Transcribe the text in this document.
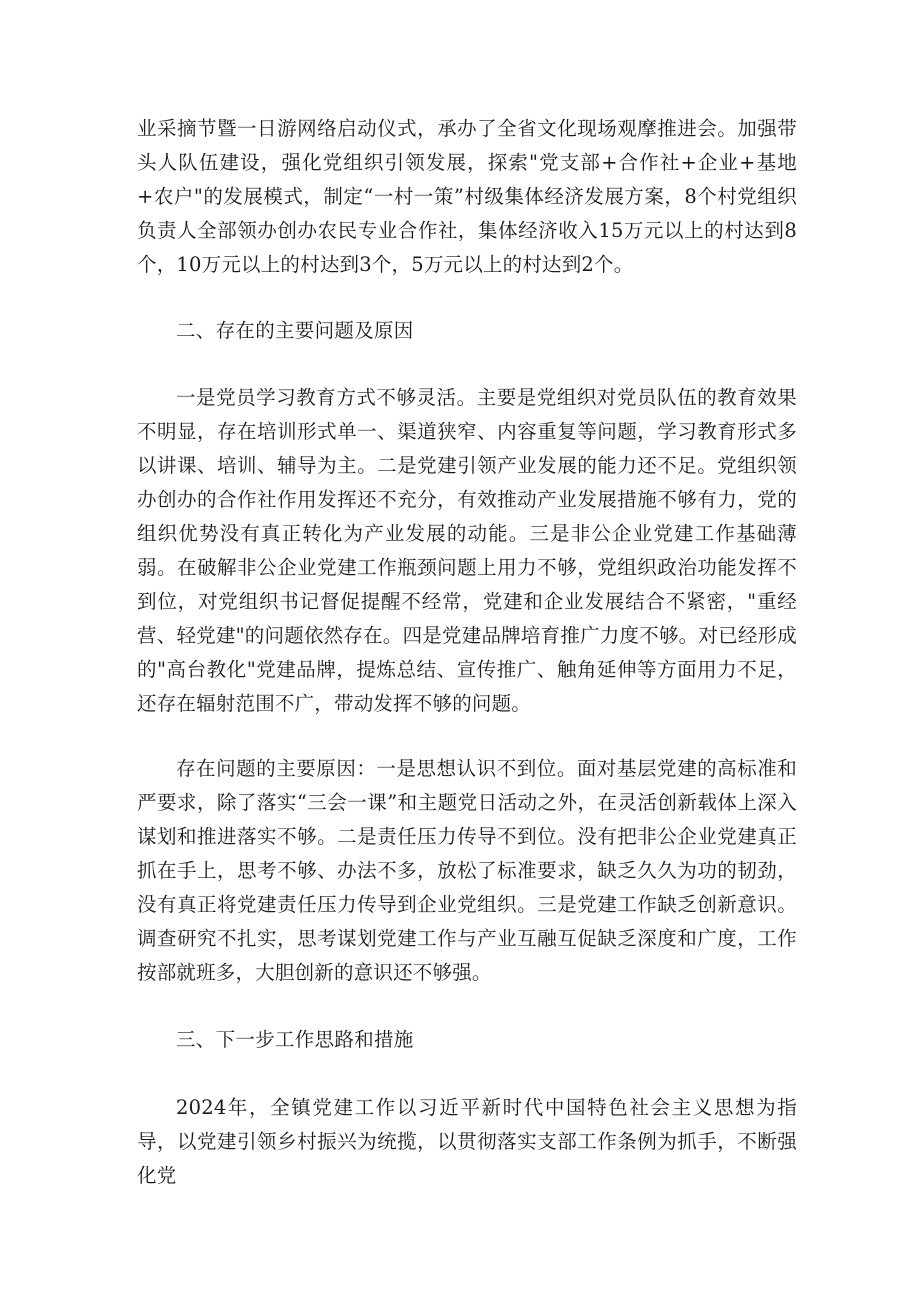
业采摘节暨一日游网络启动仪式，承办了全省文化现场观摩推进会。加强带头人队伍建设，强化党组织引领发展，探索"党支部+合作社+企业+基地+农户"的发展模式，制定“一村一策”村级集体经济发展方案，8个村党组织负责人全部领办创办农民专业合作社，集体经济收入15万元以上的村达到8个，10万元以上的村达到3个，5万元以上的村达到2个。

二、存在的主要问题及原因

一是党员学习教育方式不够灵活。主要是党组织对党员队伍的教育效果不明显，存在培训形式单一、渠道狭窄、内容重复等问题，学习教育形式多以讲课、培训、辅导为主。二是党建引领产业发展的能力还不足。党组织领办创办的合作社作用发挥还不充分，有效推动产业发展措施不够有力，党的组织优势没有真正转化为产业发展的动能。三是非公企业党建工作基础薄弱。在破解非公企业党建工作瓶颈问题上用力不够，党组织政治功能发挥不到位，对党组织书记督促提醒不经常，党建和企业发展结合不紧密，"重经营、轻党建"的问题依然存在。四是党建品牌培育推广力度不够。对已经形成的"高台教化"党建品牌，提炼总结、宣传推广、触角延伸等方面用力不足，还存在辐射范围不广，带动发挥不够的问题。

存在问题的主要原因：一是思想认识不到位。面对基层党建的高标准和严要求，除了落实“三会一课”和主题党日活动之外，在灵活创新载体上深入谋划和推进落实不够。二是责任压力传导不到位。没有把非公企业党建真正抓在手上，思考不够、办法不多，放松了标准要求，缺乏久久为功的韧劲，没有真正将党建责任压力传导到企业党组织。三是党建工作缺乏创新意识。调查研究不扎实，思考谋划党建工作与产业互融互促缺乏深度和广度，工作按部就班多，大胆创新的意识还不够强。

三、下一步工作思路和措施

2024年，全镇党建工作以习近平新时代中国特色社会主义思想为指导，以党建引领乡村振兴为统揽，以贯彻落实支部工作条例为抓手，不断强化党
